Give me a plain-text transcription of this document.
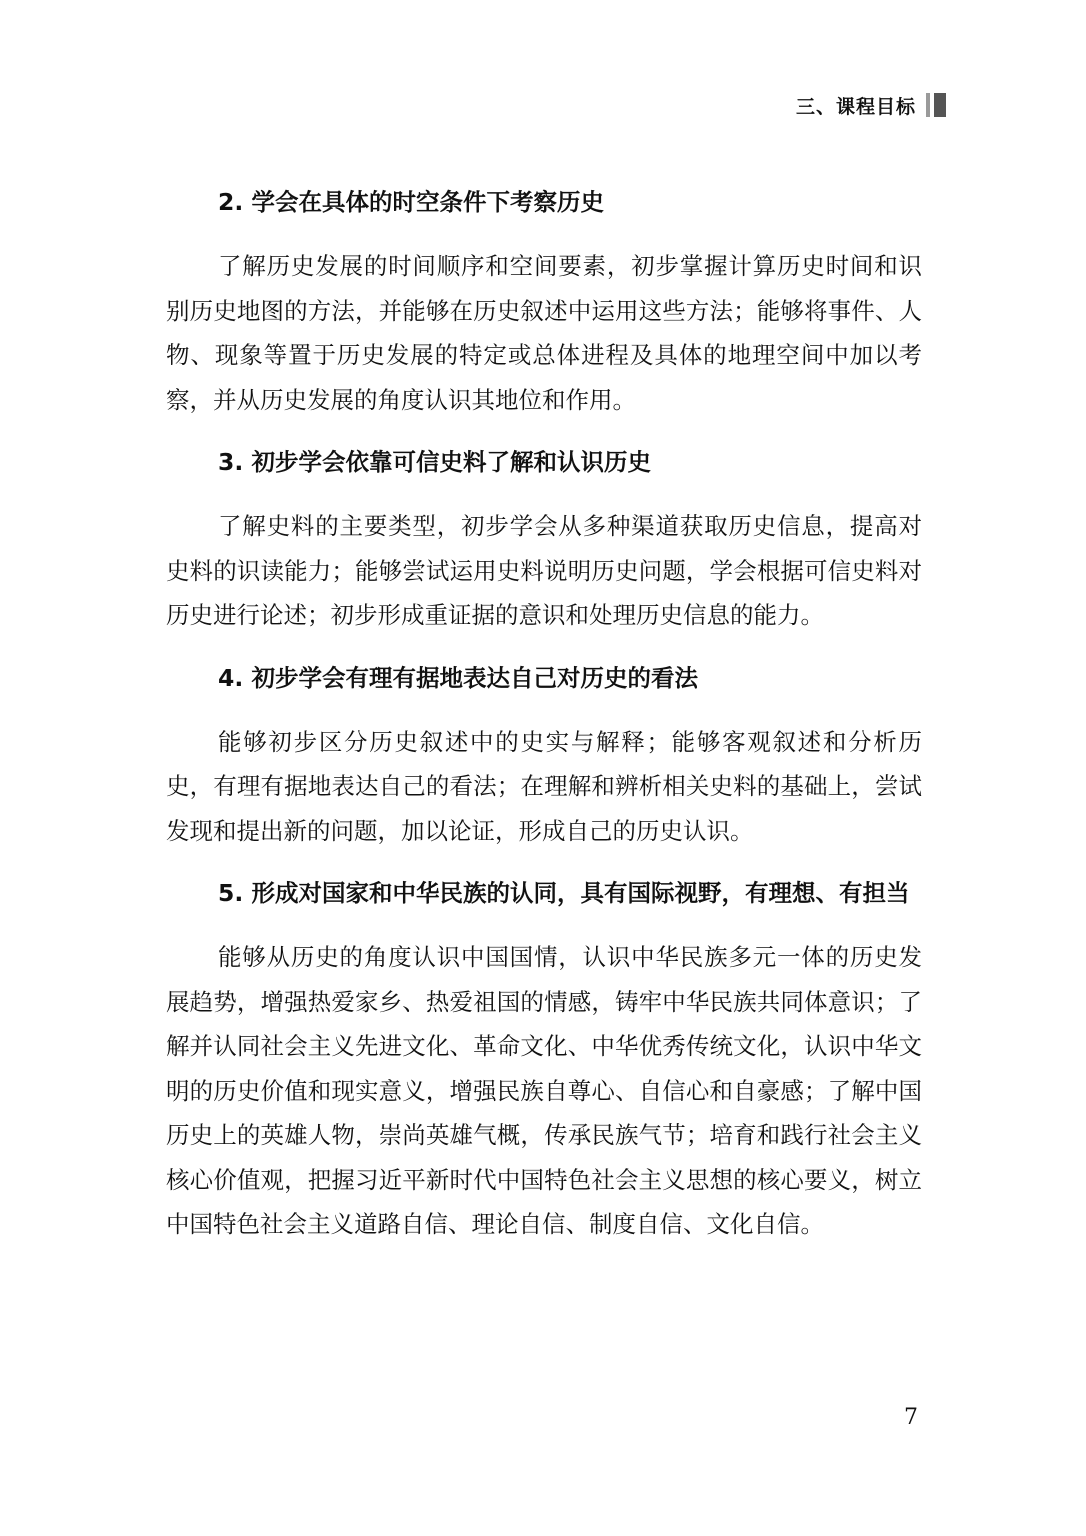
三、课程目标
2. 学会在具体的时空条件下考察历史

了解历史发展的时间顺序和空间要素，初步掌握计算历史时间和识别历史地图的方法，并能够在历史叙述中运用这些方法；能够将事件、人物、现象等置于历史发展的特定或总体进程及具体的地理空间中加以考察，并从历史发展的角度认识其地位和作用。

3. 初步学会依靠可信史料了解和认识历史

了解史料的主要类型，初步学会从多种渠道获取历史信息，提高对史料的识读能力；能够尝试运用史料说明历史问题，学会根据可信史料对历史进行论述；初步形成重证据的意识和处理历史信息的能力。

4. 初步学会有理有据地表达自己对历史的看法

能够初步区分历史叙述中的史实与解释；能够客观叙述和分析历史，有理有据地表达自己的看法；在理解和辨析相关史料的基础上，尝试发现和提出新的问题，加以论证，形成自己的历史认识。

5. 形成对国家和中华民族的认同，具有国际视野，有理想、有担当

能够从历史的角度认识中国国情，认识中华民族多元一体的历史发展趋势，增强热爱家乡、热爱祖国的情感，铸牢中华民族共同体意识；了解并认同社会主义先进文化、革命文化、中华优秀传统文化，认识中华文明的历史价值和现实意义，增强民族自尊心、自信心和自豪感；了解中国历史上的英雄人物，崇尚英雄气概，传承民族气节；培育和践行社会主义核心价值观，把握习近平新时代中国特色社会主义思想的核心要义，树立中国特色社会主义道路自信、理论自信、制度自信、文化自信。

7
